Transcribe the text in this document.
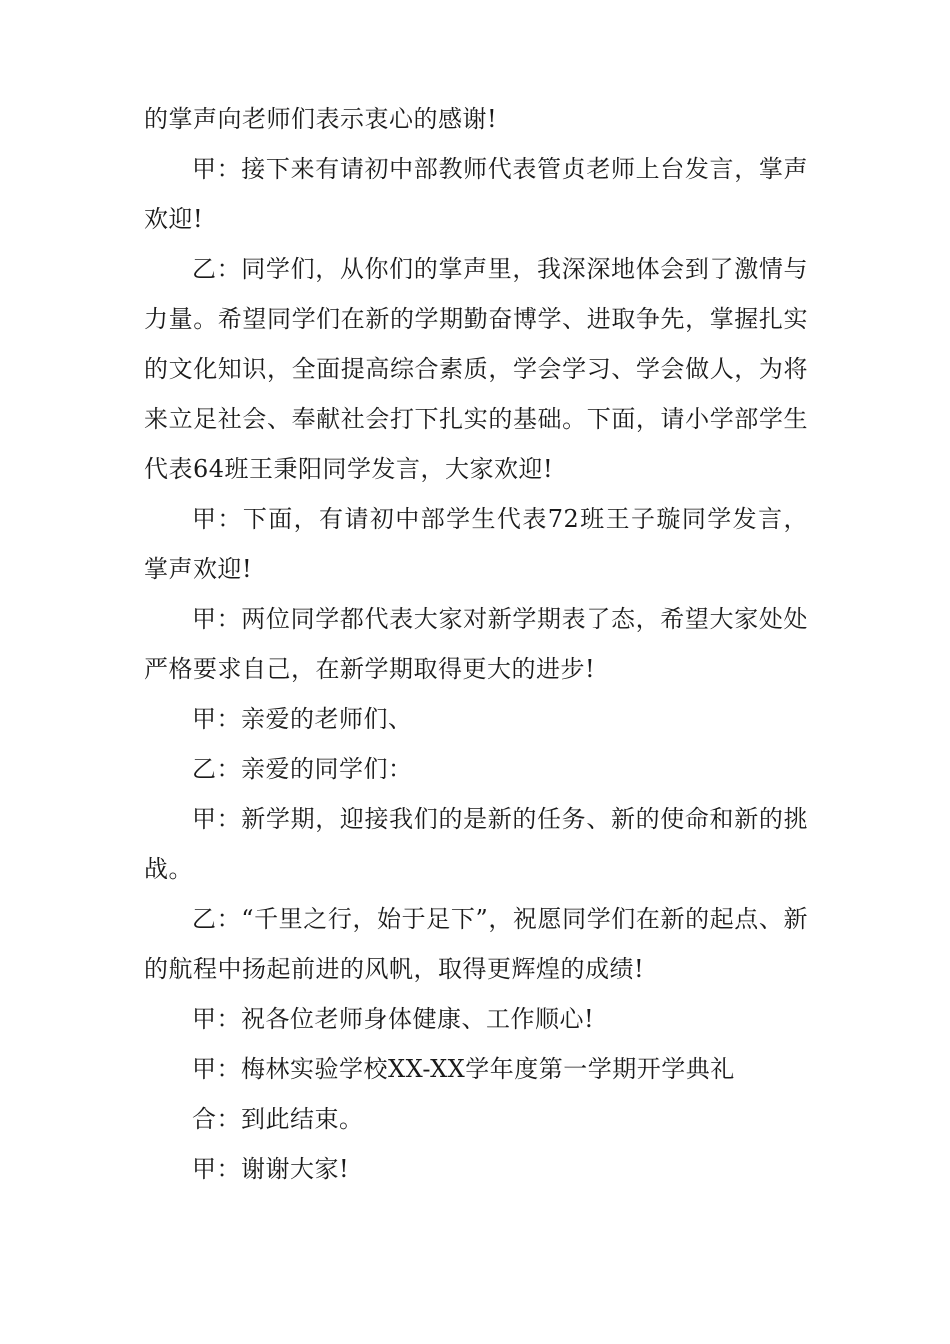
的掌声向老师们表示衷心的感谢!

甲：接下来有请初中部教师代表管贞老师上台发言，掌声欢迎!

乙：同学们，从你们的掌声里，我深深地体会到了激情与力量。希望同学们在新的学期勤奋博学、进取争先，掌握扎实的文化知识，全面提高综合素质，学会学习、学会做人，为将来立足社会、奉献社会打下扎实的基础。下面，请小学部学生代表64班王秉阳同学发言，大家欢迎!

甲：下面，有请初中部学生代表72班王子璇同学发言，掌声欢迎!

甲：两位同学都代表大家对新学期表了态，希望大家处处严格要求自己，在新学期取得更大的进步!

甲：亲爱的老师们、

乙：亲爱的同学们：

甲：新学期，迎接我们的是新的任务、新的使命和新的挑战。

乙：“千里之行，始于足下”，祝愿同学们在新的起点、新的航程中扬起前进的风帆，取得更辉煌的成绩!

甲：祝各位老师身体健康、工作顺心!

甲：梅林实验学校XX-XX学年度第一学期开学典礼

合：到此结束。

甲：谢谢大家!
